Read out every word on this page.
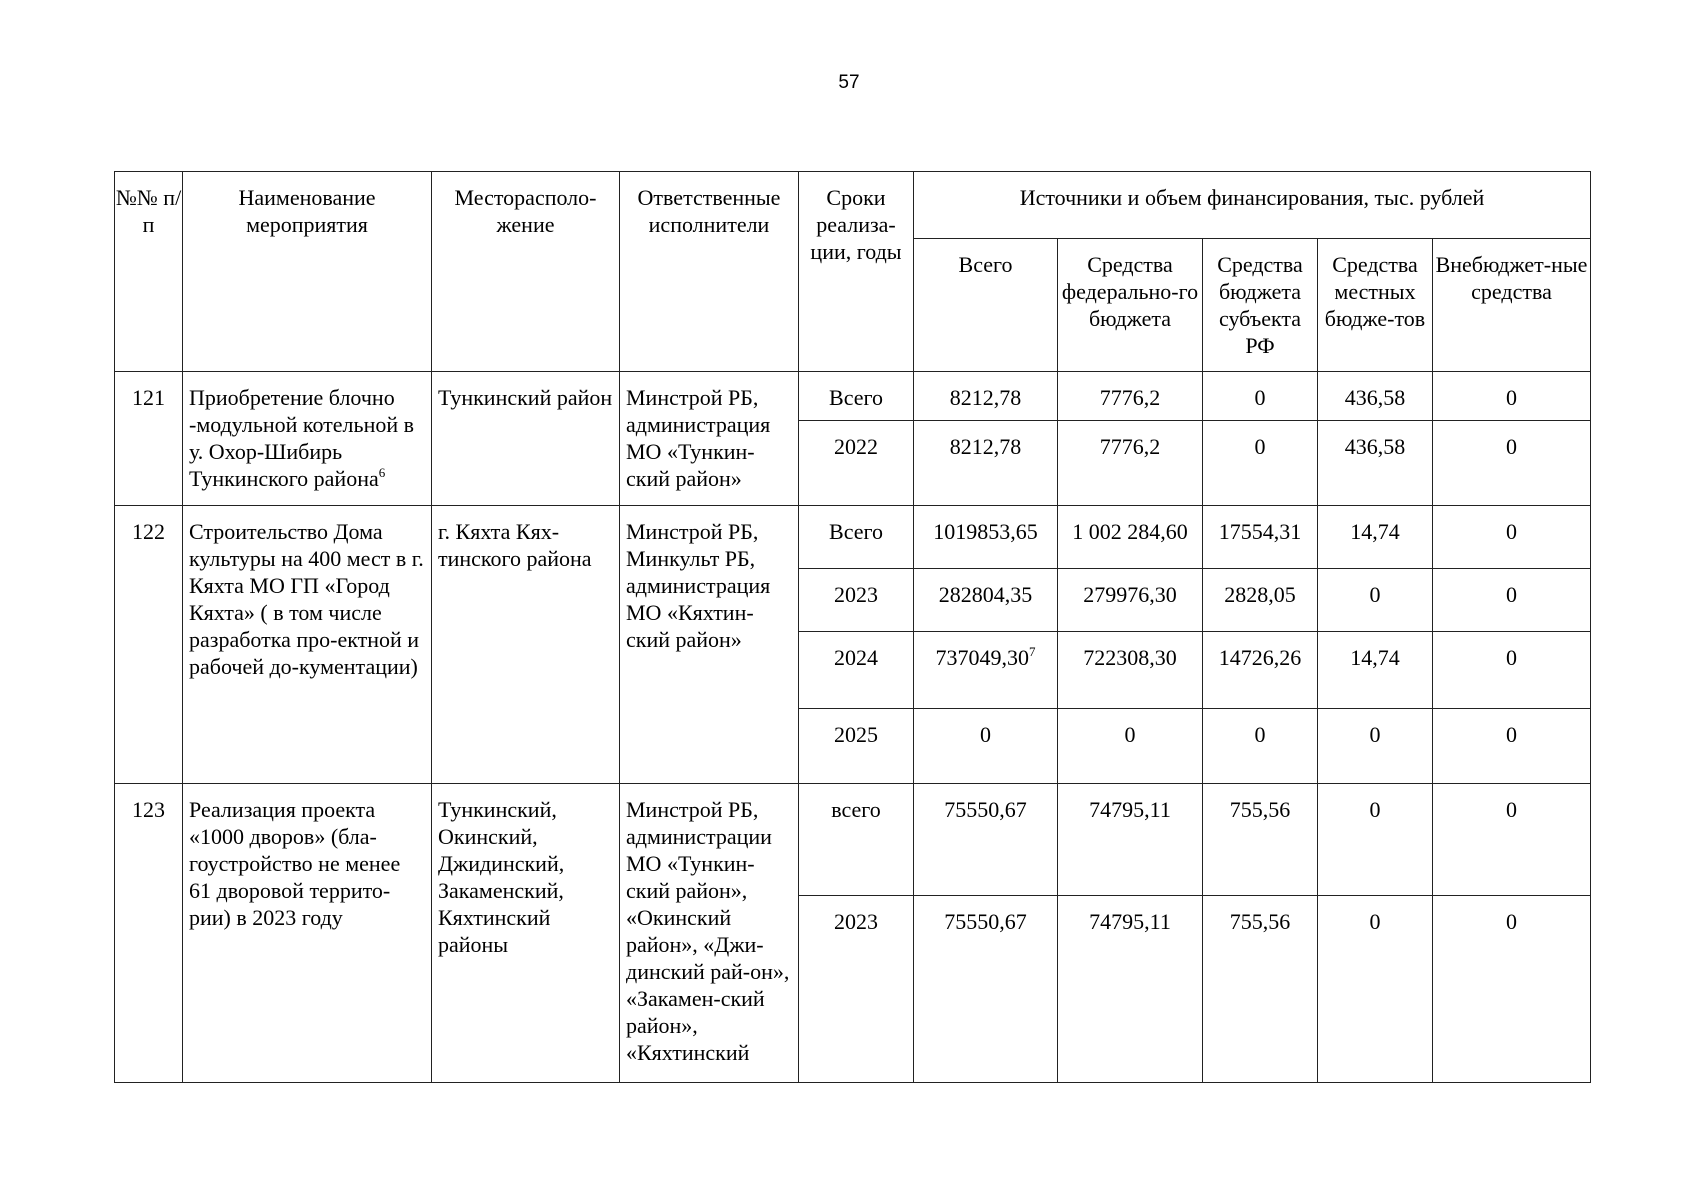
57
№№ п/п	Наименование мероприятия	Месторасполо-жение	Ответственные исполнители	Сроки реализа-ции, годы	Источники и объем финансирования, тыс. рублей				
					Всего	Средства федерально-го бюджета	Средства бюджета субъекта РФ	Средства местных бюдже-тов	Внебюджет-ные средства
121	Приобретение блочно -модульной котельной в у. Охор-Шибирь Тункинского района$^6$	Тункинский район	Минстрой РБ, администрация МО «Тункин-ский район»	Всего	8212,78	7776,2	0	436,58	0
				2022	8212,78	7776,2	0	436,58	0
122	Строительство Дома культуры на 400 мест в г. Кяхта МО ГП «Город Кяхта» ( в том числе разработка про-ектной и рабочей до-кументации)	г. Кяхта Кях-тинского района	Минстрой РБ, Минкульт РБ, администрация МО «Кяхтин-ский район»	Всего	1019853,65	1 002 284,60	17554,31	14,74	0
				2023	282804,35	279976,30	2828,05	0	0
				2024	737049,30$^7$	722308,30	14726,26	14,74	0
				2025	0	0	0	0	0
123	Реализация проекта «1000 дворов» (бла-гоустройство не менее 61 дворовой террито-рии) в 2023 году	Тункинский, Окинский, Джидинский, Закаменский, Кяхтинский районы	Минстрой РБ, администрации МО «Тункин-ский район», «Окинский район», «Джи-динский рай-он», «Закамен-ский район», «Кяхтинский	всего	75550,67	74795,11	755,56	0	0
				2023	75550,67	74795,11	755,56	0	0
